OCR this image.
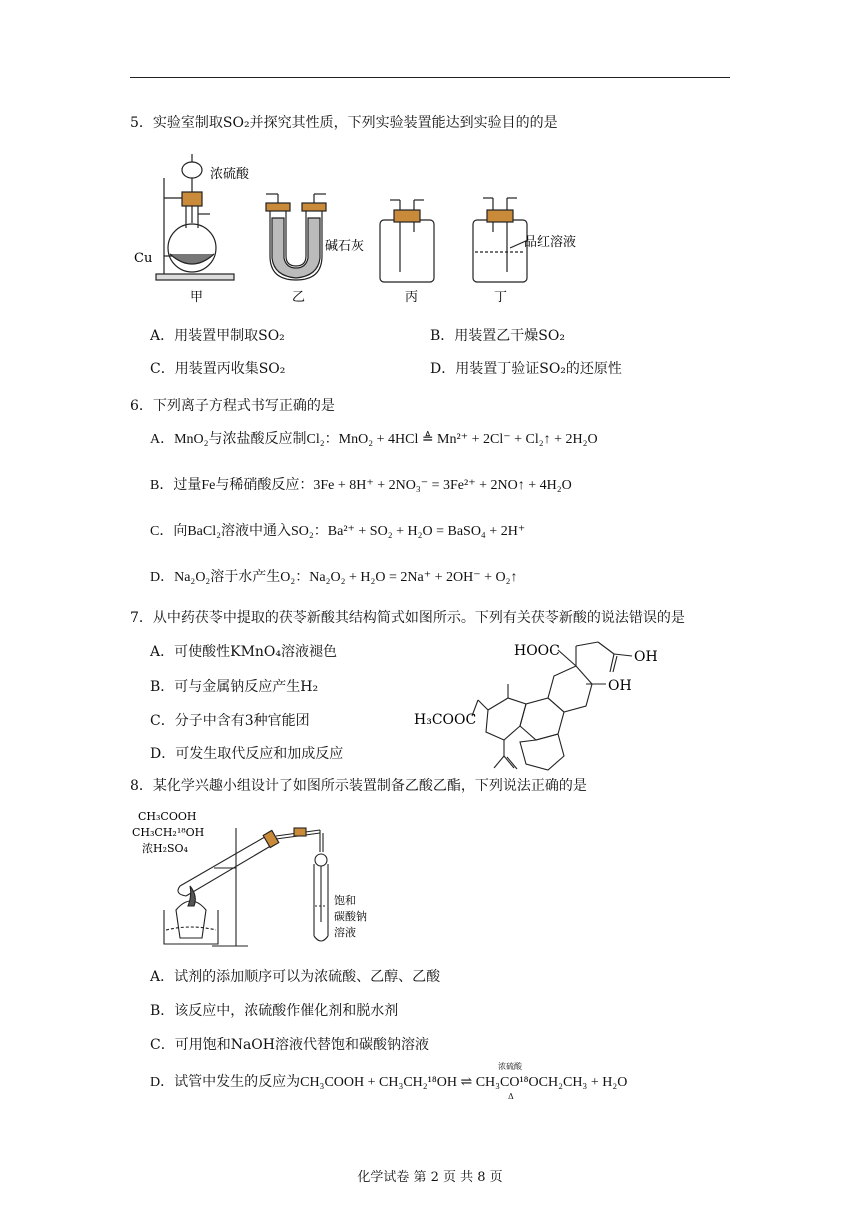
5．实验室制取SO₂并探究其性质，下列实验装置能达到实验目的的是
浓硫酸
Cu
碱石灰	品红溶液
甲	乙	丙	丁
A．用装置甲制取SO₂	B．用装置乙干燥SO₂
C．用装置丙收集SO₂	D．用装置丁验证SO₂的还原性
6．下列离子方程式书写正确的是
A．MnO₂与浓盐酸反应制Cl₂：MnO₂ + 4HCl ≜ Mn²⁺ + 2Cl⁻ + Cl₂↑ + 2H₂O
B．过量Fe与稀硝酸反应：3Fe + 8H⁺ + 2NO₃⁻ = 3Fe²⁺ + 2NO↑ + 4H₂O
C．向BaCl₂溶液中通入SO₂：Ba²⁺ + SO₂ + H₂O = BaSO₄ + 2H⁺
D．Na₂O₂溶于水产生O₂：Na₂O₂ + H₂O = 2Na⁺ + 2OH⁻ + O₂↑
7．从中药茯苓中提取的茯苓新酸其结构简式如图所示。下列有关茯苓新酸的说法错误的是
A．可使酸性KMnO₄溶液褪色
B．可与金属钠反应产生H₂
C．分子中含有3种官能团
D．可发生取代反应和加成反应
HOOC	OH
OH
H₃COOC
8．某化学兴趣小组设计了如图所示装置制备乙酸乙酯，下列说法正确的是
CH₃COOH
CH₃CH₂¹⁸OH
浓H₂SO₄
饱和
碳酸钠
溶液
A．试剂的添加顺序可以为浓硫酸、乙醇、乙酸
B．该反应中，浓硫酸作催化剂和脱水剂
C．可用饱和NaOH溶液代替饱和碳酸钠溶液
D．试管中发生的反应为CH₃COOH + CH₃CH₂¹⁸OH ⇌ CH₃CO¹⁸OCH₂CH₃ + H₂O
浓硫酸
Δ
化学试卷 第 2 页 共 8 页
